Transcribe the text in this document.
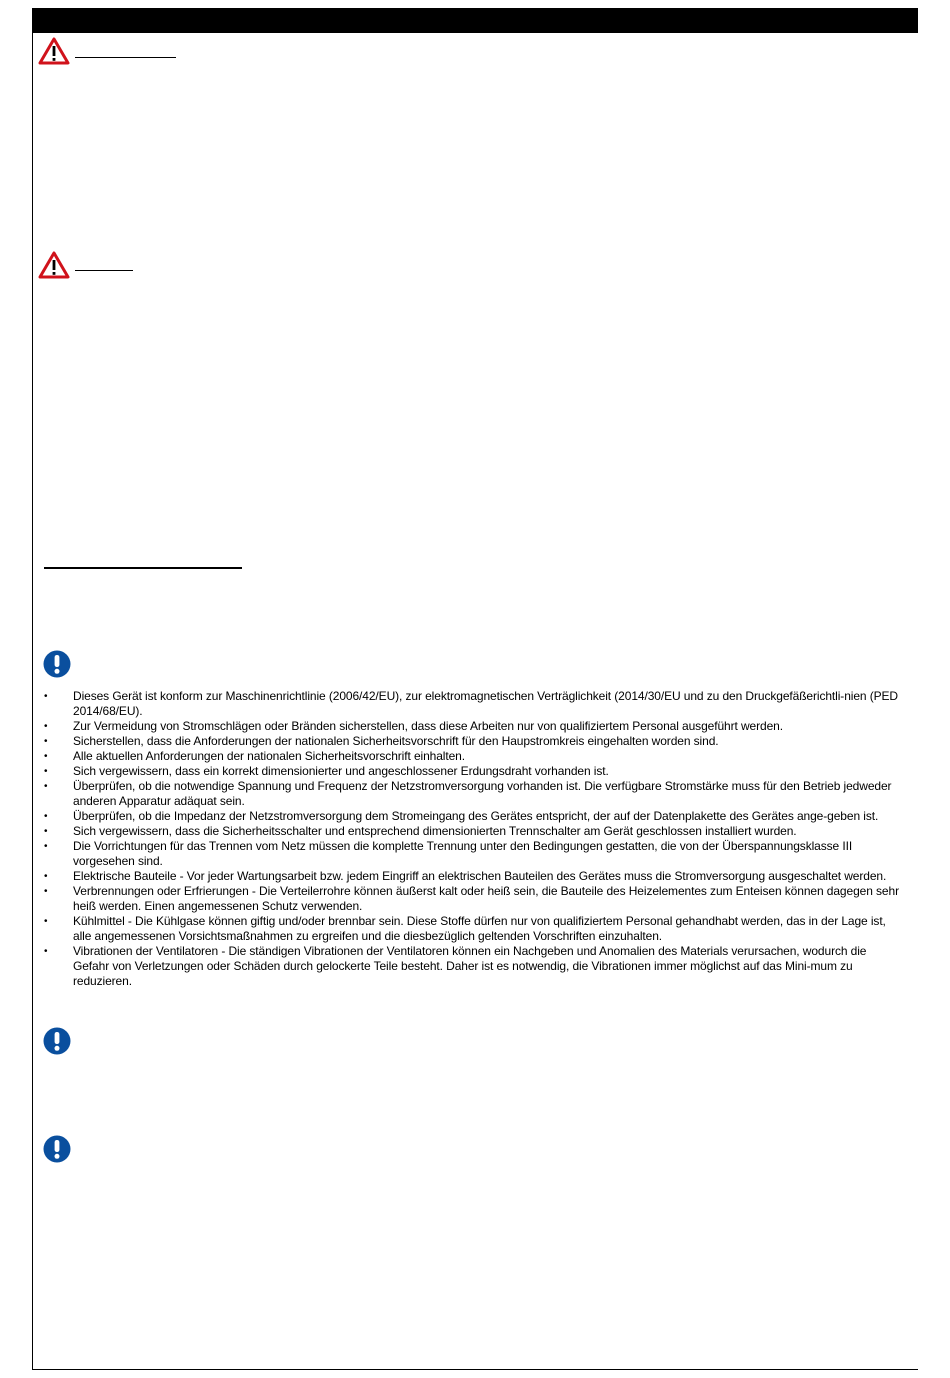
• Dieses Gerät ist konform zur Maschinenrichtlinie (2006/42/EU), zur elektromagnetischen Verträglichkeit (2014/30/EU und zu den Druckgefäßerichtli-nien (PED 2014/68/EU).
• Zur Vermeidung von Stromschlägen oder Bränden sicherstellen, dass diese Arbeiten nur von qualifiziertem Personal ausgeführt werden.
• Sicherstellen, dass die Anforderungen der nationalen Sicherheitsvorschrift für den Haupstromkreis eingehalten worden sind.
• Alle aktuellen Anforderungen der nationalen Sicherheitsvorschrift einhalten.
• Sich vergewissern, dass ein korrekt dimensionierter und angeschlossener Erdungsdraht vorhanden ist.
• Überprüfen, ob die notwendige Spannung und Frequenz der Netzstromversorgung vorhanden ist. Die verfügbare Stromstärke muss für den Betrieb jedweder anderen Apparatur adäquat sein.
• Überprüfen, ob die Impedanz der Netzstromversorgung dem Stromeingang des Gerätes entspricht, der auf der Datenplakette des Gerätes ange-geben ist.
• Sich vergewissern, dass die Sicherheitsschalter und entsprechend dimensionierten Trennschalter am Gerät geschlossen installiert wurden.
• Die Vorrichtungen für das Trennen vom Netz müssen die komplette Trennung unter den Bedingungen gestatten, die von der Überspannungsklasse III vorgesehen sind.
• Elektrische Bauteile - Vor jeder Wartungsarbeit bzw. jedem Eingriff an elektrischen Bauteilen des Gerätes muss die Stromversorgung ausgeschaltet werden.
• Verbrennungen oder Erfrierungen - Die Verteilerrohre können äußerst kalt oder heiß sein, die Bauteile des Heizelementes zum Enteisen können dagegen sehr heiß werden. Einen angemessenen Schutz verwenden.
• Kühlmittel - Die Kühlgase können giftig und/oder brennbar sein. Diese Stoffe dürfen nur von qualifiziertem Personal gehandhabt werden, das in der Lage ist, alle angemessenen Vorsichtsmaßnahmen zu ergreifen und die diesbezüglich geltenden Vorschriften einzuhalten.
• Vibrationen der Ventilatoren - Die ständigen Vibrationen der Ventilatoren können ein Nachgeben und Anomalien des Materials verursachen, wodurch die Gefahr von Verletzungen oder Schäden durch gelockerte Teile besteht. Daher ist es notwendig, die Vibrationen immer möglichst auf das Mini-mum zu reduzieren.
